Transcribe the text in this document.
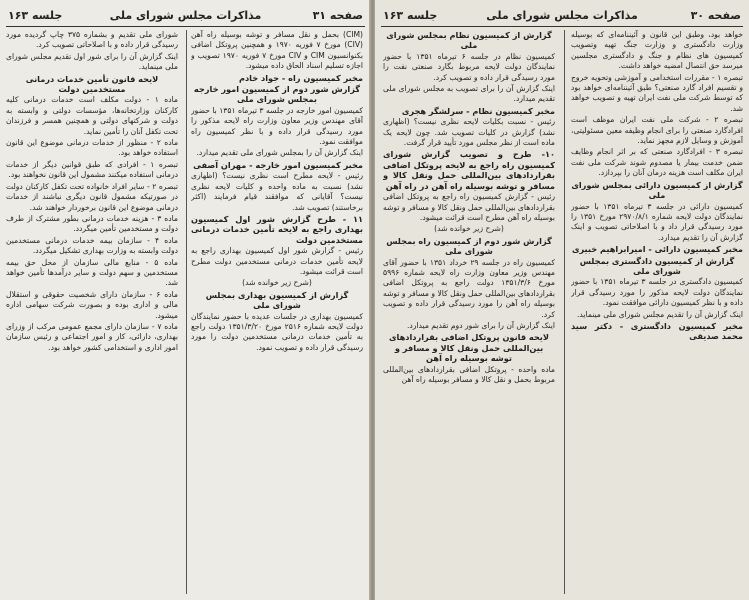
صفحه ۳۱
مذاکرات مجلس شورای ملی
جلسه ۱۶۳

(CIM) بحمل و نقل مسافر و توشه بوسیله راه آهن (CIV) مورخ ۷ فوریه ۱۹۷۰ و همچنین پروتکل اضافی بکنوانسیون CIM و CIV مورخ ۷ فوریه ۱۹۷۰ تصویب و اجازه تسلیم اسناد الحاق داده میشود.

مخبر کمیسیون راه - جواد خادم

گزارش شور دوم از کمیسیون امور خارجه بمجلس شورای ملی

کمیسیون امور خارجه در جلسه ۳ تیرماه ۱۳۵۱ با حضور آقای مهندس وزیر معاون وزارت راه لایحه مذکور را مورد رسیدگی قرار داده و با نظر کمیسیون راه موافقت نمود.

اینک گزارش آن را بمجلس شورای ملی تقدیم میدارد.

مخبر کمیسیون امور خارجه - مهران آصفی

رئیس - لایحه مطرح است نظری نیست؟ (اظهاری نشد) نسبت به ماده واحده و کلیات لایحه نظری نیست؟ آقایانی که موافقند قیام فرمایند (اکثر برخاستند) تصویب شد.

۱۱ - طرح گزارش شور اول کمیسیون بهداری راجع به لایحه تأمین خدمات درمانی مستخدمین دولت

رئیس - گزارش شور اول کمیسیون بهداری راجع به لایحه تأمین خدمات درمانی مستخدمین دولت مطرح است قرائت میشود.

(شرح زیر خوانده شد)

گزارش از کمیسیون بهداری بمجلس شورای ملی

کمیسیون بهداری در جلسات عدیده با حضور نمایندگان دولت لایحه شماره ۲۵۱۶ مورخ ۱۳۵۱/۳/۲۰ دولت راجع به تأمین خدمات درمانی مستخدمین دولت را مورد رسیدگی قرار داده و تصویب نمود.

شورای ملی تقدیم و بشماره ۳۷۵ چاپ گردیده مورد رسیدگی قرار داده و با اصلاحاتی تصویب کرد.

اینک گزارش آن را برای شور اول تقدیم مجلس شورای ملی مینماید.

لایحه قانون تأمین خدمات درمانی مستخدمین دولت

ماده ۱ - دولت مکلف است خدمات درمانی کلیه کارکنان وزارتخانه‌ها، مؤسسات دولتی و وابسته به دولت و شرکتهای دولتی و همچنین همسر و فرزندان تحت تکفل آنان را تأمین نماید.

ماده ۲ - منظور از خدمات درمانی موضوع این قانون استفاده خواهد بود.

تبصره ۱ - افرادی که طبق قوانین دیگر از خدمات درمانی استفاده میکنند مشمول این قانون نخواهند بود.

تبصره ۲ - سایر افراد خانواده تحت تکفل کارکنان دولت در صورتیکه مشمول قانون دیگری نباشند از خدمات درمانی موضوع این قانون برخوردار خواهند شد.

ماده ۳ - هزینه خدمات درمانی بطور مشترک از طرف دولت و مستخدمین تأمین میگردد.

ماده ۴ - سازمان بیمه خدمات درمانی مستخدمین دولت وابسته به وزارت بهداری تشکیل میگردد.

ماده ۵ - منابع مالی سازمان از محل حق بیمه مستخدمین و سهم دولت و سایر درآمدها تأمین خواهد شد.

ماده ۶ - سازمان دارای شخصیت حقوقی و استقلال مالی و اداری بوده و بصورت شرکت سهامی اداره میشود.

ماده ۷ - سازمان دارای مجمع عمومی مرکب از وزرای بهداری، دارائی، کار و امور اجتماعی و رئیس سازمان امور اداری و استخدامی کشور خواهد بود.

صفحه ۳۰
مذاکرات مجلس شورای ملی
جلسه ۱۶۳

خواهد بود، وطبق این قانون و آئیننامه‌ای که بوسیله وزارت دادگستری و وزارت جنگ تهیه وتصویب کمیسیون های نظام و جنگ و دادگستری مجلسین میرسد حق انتصال امضیه خواهد داشت.

تبصره ۱ - مقررات استخدامی و آموزشی وتحویه خروج و تقسیم افراد گارد صنعتی؟ طبق آئیننامه‌ای خواهد بود که توسط شرکت ملی نفت ایران تهیه و تصویب خواهد شد.

تبصره ۲ - شرکت ملی نفت ایران موظف است افرادگارد صنعتی را برای انجام وظیفه معین مسئولیتی، آموزش و وسایل لازم مجهز نماید.

تبصره ۳ - افرادگارد صنعتی که بر اثر انجام وظایف ضمن خدمت بیمار یا مصدوم شوند شرکت ملی نفت ایران مکلف است هزینه درمان آنان را بپردازد.

گزارش از کمیسیون دارائی بمجلس شورای ملی

کمیسیون دارائی در جلسه ۳ تیرماه ۱۳۵۱ با حضور نمایندگان دولت لایحه شماره ۲۹۷۰/۸/۱ مورخ ۱۳۵۱ را مورد رسیدگی قرار داد و با اصلاحاتی تصویب و اینک گزارش آن را تقدیم میدارد.

مخبر کمیسیون دارائی - امیرابراهیم خبیری

گزارش از کمیسیون دادگستری بمجلس شورای ملی

کمیسیون دادگستری در جلسه ۳ تیرماه ۱۳۵۱ با حضور نمایندگان دولت لایحه مذکور را مورد رسیدگی قرار داده و با نظر کمیسیون دارائی موافقت نمود.

اینک گزارش آن را تقدیم مجلس شورای ملی مینماید.

مخبر کمیسیون دادگستری - دکتر سید محمد صدیقی

گزارش از کمیسیون نظام بمجلس شورای ملی

کمیسیون نظام در جلسه ۶ تیرماه ۱۳۵۱ با حضور نمایندگان دولت لایحه مربوط بگارد صنعتی نفت را مورد رسیدگی قرار داده و تصویب کرد.

اینک گزارش آن را برای تصویب به مجلس شورای ملی تقدیم میدارد.

مخبر کمیسیون نظام - سرلشگر هجری

رئیس - نسبت بکلیات لایحه نظری نیست؟ (اظهاری نشد) گزارش در کلیات تصویب شد. چون لایحه یک ماده است از نظر مجلس مورد تأیید قرار گرفت.

۱۰- طرح و تصویب گزارش شورای کمیسیون راه راجع به لایحه پروتکل اضافی بقراردادهای بین‌المللی حمل ونقل کالا و مسافر و توشه بوسیله راه آهن در راه آهن

رئیس - گزارش کمیسیون راه راجع به پروتکل اضافی بقراردادهای بین‌المللی حمل ونقل کالا و مسافر و توشه بوسیله راه آهن مطرح است قرائت میشود.

(شرح زیر خوانده شد)

گزارش شور دوم از کمیسیون راه بمجلس شورای ملی

کمیسیون راه در جلسه ۲۹ خرداد ۱۳۵۱ با حضور آقای مهندس وزیر معاون وزارت راه لایحه شماره ۵۹۹۶ مورخ ۱۳۵۱/۳/۶ دولت راجع به پروتکل اضافی بقراردادهای بین‌المللی حمل ونقل کالا و مسافر و توشه بوسیله راه آهن را مورد رسیدگی قرار داده و تصویب کرد.

اینک گزارش آن را برای شور دوم تقدیم میدارد.

لایحه قانون پروتکل اضافی بقراردادهای بین‌المللی حمل ونقل کالا و مسافر و توشه بوسیله راه آهن

ماده واحده - پروتکل اضافی بقراردادهای بین‌المللی مربوط بحمل و نقل کالا و مسافر بوسیله راه آهن
